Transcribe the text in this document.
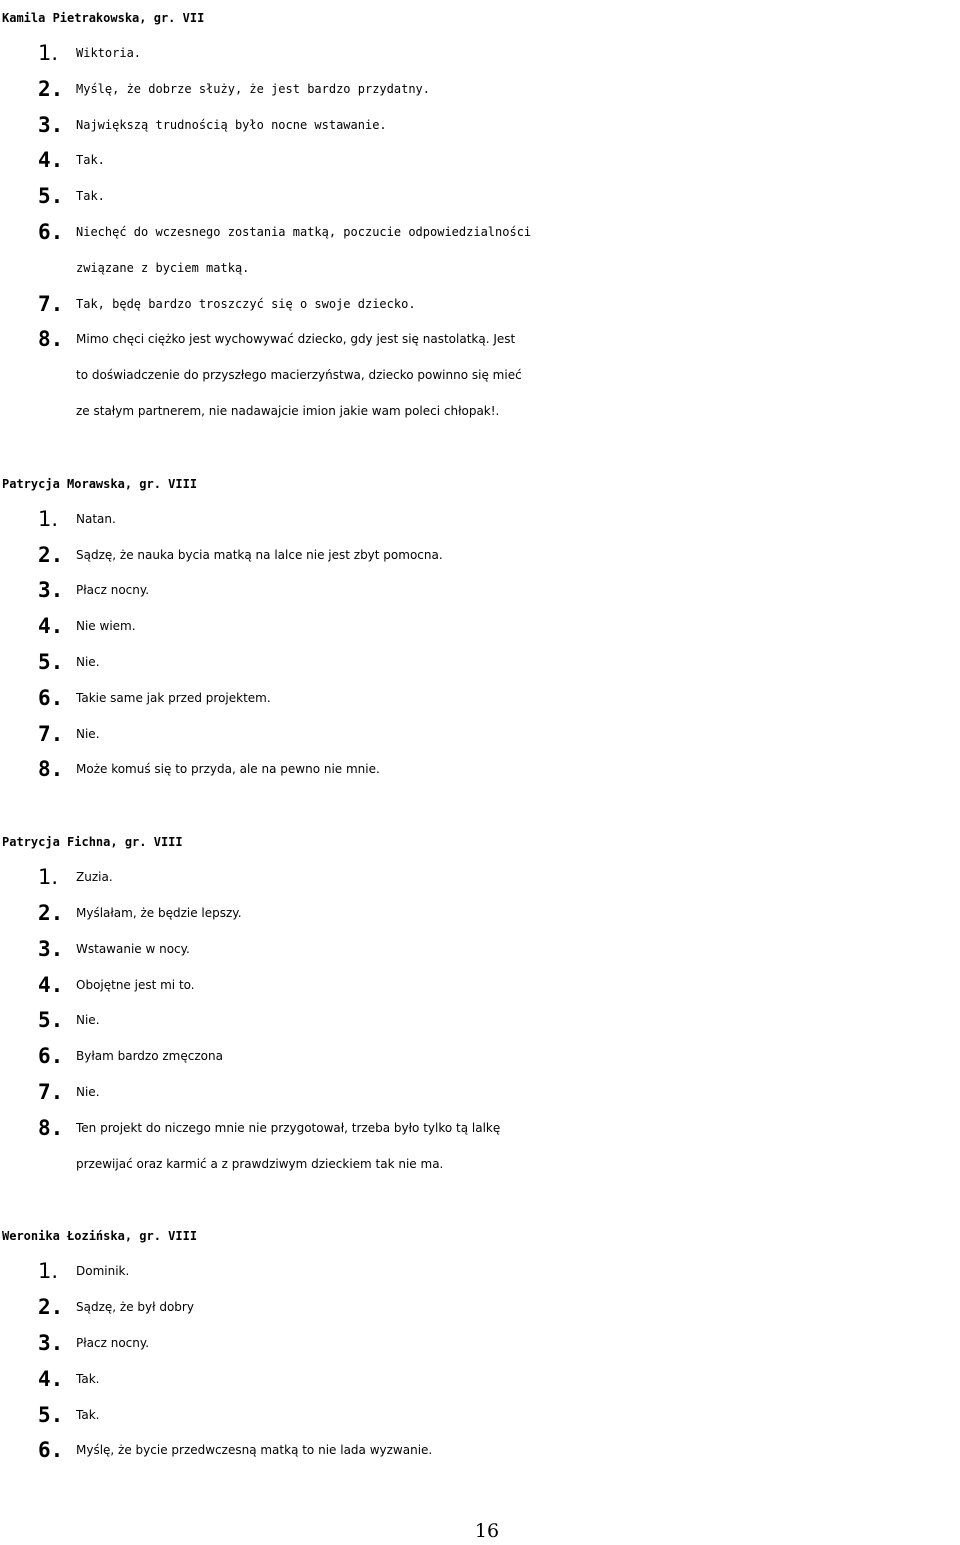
Kamila Pietrakowska, gr. VII
1. Wiktoria.
2. Myślę, że dobrze służy, że jest bardzo przydatny.
3. Największą trudnością było nocne wstawanie.
4. Tak.
5. Tak.
6. Niechęć do wczesnego zostania matką, poczucie odpowiedzialności
związane z byciem matką.
7. Tak, będę bardzo troszczyć się o swoje dziecko.
8. Mimo chęci ciężko jest wychowywać dziecko, gdy jest się nastolatką. Jest
to doświadczenie do przyszłego macierzyństwa, dziecko powinno się mieć
ze stałym partnerem, nie nadawajcie imion jakie wam poleci chłopak!.
Patrycja Morawska, gr. VIII
1. Natan.
2. Sądzę, że nauka bycia matką na lalce nie jest zbyt pomocna.
3. Płacz nocny.
4. Nie wiem.
5. Nie.
6. Takie same jak przed projektem.
7. Nie.
8. Może komuś się to przyda, ale na pewno nie mnie.
Patrycja Fichna, gr. VIII
1. Zuzia.
2. Myślałam, że będzie lepszy.
3. Wstawanie w nocy.
4. Obojętne jest mi to.
5. Nie.
6. Byłam bardzo zmęczona
7. Nie.
8. Ten projekt do niczego mnie nie przygotował, trzeba było tylko tą lalkę
przewijać oraz karmić a z prawdziwym dzieckiem tak nie ma.
Weronika Łozińska, gr. VIII
1. Dominik.
2. Sądzę, że był dobry
3. Płacz nocny.
4. Tak.
5. Tak.
6. Myślę, że bycie przedwczesną matką to nie lada wyzwanie.
16
